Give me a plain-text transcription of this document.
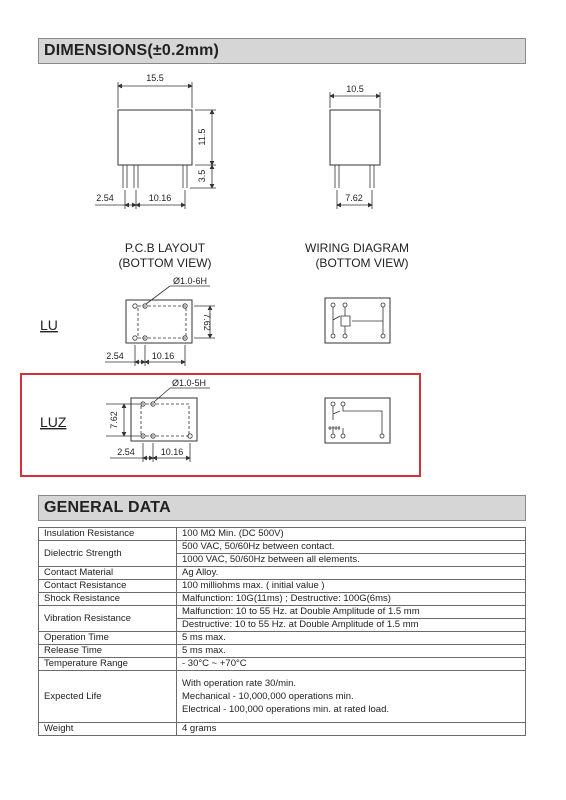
DIMENSIONS(±0.2mm)
15.5
11.5
3.5
2.54	10.16
10.5
7.62
P.C.B LAYOUT
(BOTTOM VIEW)
WIRING DIAGRAM
(BOTTOM VIEW)
LU
Ø1.0-6H
7.62
2.54	10.16
LUZ
Ø1.0-5H
7.62
2.54	10.16
GENERAL DATA
Insulation Resistance	100 MΩ Min. (DC 500V)

Dielectric Strength	500 VAC, 50/60Hz between contact.
1000 VAC, 50/60Hz between all elements.

Contact Material	Ag Alloy.

Contact Resistance	100 milliohms max. ( initial value )

Shock Resistance	Malfunction: 10G(11ms) ; Destructive: 100G(6ms)

Vibration Resistance	Malfunction: 10 to 55 Hz. at Double Amplitude of 1.5 mm
Destructive: 10 to 55 Hz. at Double Amplitude of 1.5 mm

Operation Time	5 ms max.

Release Time	5 ms max.

Temperature Range	- 30°C ~ +70°C

Expected Life	With operation rate 30/min.
Mechanical - 10,000,000 operations min.
Electrical - 100,000 operations min. at rated load.

Weight	4 grams
